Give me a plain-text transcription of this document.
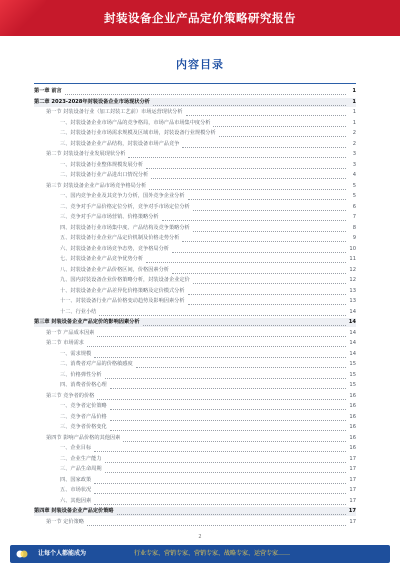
封装设备企业产品定价策略研究报告
内容目录
第一章 前言	1
第二章 2023-2028年封装设备企业市场现状分析	1
第一节 封装设备行业（加工封装工艺前）市场运营现状分析	1
一、封装设备企业市场产品的竞争格局，市场产品市场集中度分析	1
二、封装设备行业市场需求规模及区域市场，封装设备行业规模分析	2
三、封装设备企业产品结构，封装设备市场产品竞争	2
第二节 封装设备行业发展现状分析	3
一、封装设备行业整体规模发展分析	3
二、封装设备行业产品进出口情况分析	4
第三节 封装设备企业产品市场竞争格局分析	5
一、国内竞争企业及其竞争力分析，国外竞争企业分析	5
二、竞争对手产品价格定位分析，竞争对手市场定位分析	6
三、竞争对手产品市场营销、价格策略分析	7
四、封装设备行业市场集中度、产品结构及竞争策略分析	8
五、封装设备行业企业产品定价机制及价格走势分析	9
六、封装设备企业市场竞争态势，竞争格局分析	10
七、封装设备企业产品竞争优势分析	11
八、封装设备企业产品价格区间，价格因素分析	12
九、国内封装设备企业价格策略分析，封装设备企业定价	12
十、封装设备企业产品差异化价格策略及定价模式分析	13
十一、封装设备行业产品价格变动趋势及影响因素分析	13
十二、行业小结	14
第三章 封装设备企业产品定价的影响因素分析	14
第一节 产品成本因素	14
第二节 市场需求	14
一、需求规模	14
二、消费者对产品的价格敏感度	15
三、价格弹性分析	15
四、消费者价格心理	15
第三节 竞争者的价格	16
一、竞争者定价策略	16
二、竞争者产品价格	16
三、竞争者价格变化	16
第四节 影响产品价格的其他因素	16
一、企业目标	16
二、企业生产能力	17
三、产品生命周期	17
四、国家政策	17
五、市场状况	17
六、其他因素	17
第四章 封装设备企业产品定价策略	17
第一节 定价策略	17
2
让每个人都能成为	行业专家、营销专家、营销专家、战略专家、运营专家……
